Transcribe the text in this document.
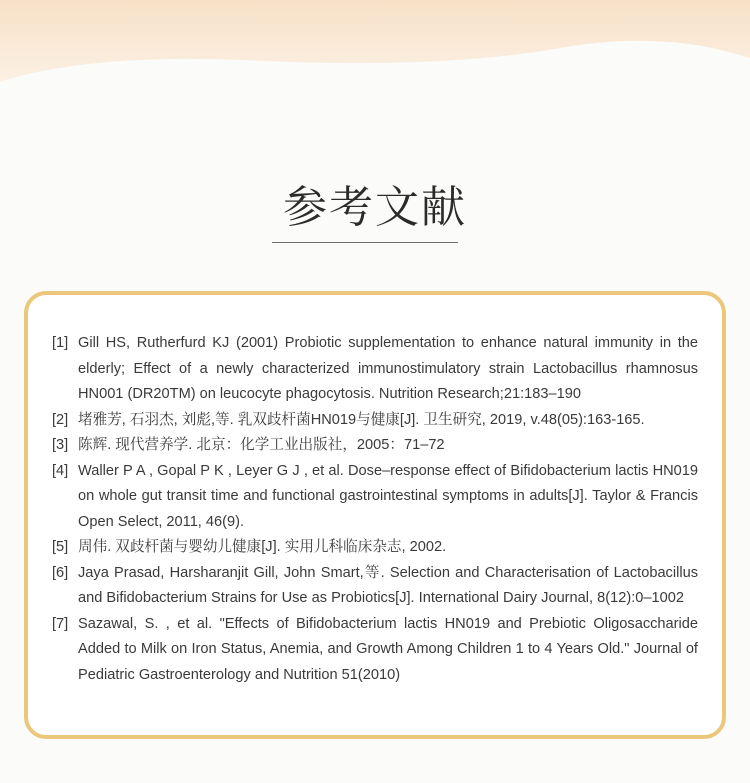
参考文献
[1] Gill HS, Rutherfurd KJ (2001) Probiotic supplementation to enhance natural immunity in the elderly; Effect of a newly characterized immunostimulatory strain Lactobacillus rhamnosus HN001 (DR20TM) on leucocyte phagocytosis. Nutrition Research;21:183–190
[2] 堵雅芳, 石羽杰, 刘彪,等. 乳双歧杆菌HN019与健康[J]. 卫生研究, 2019, v.48(05):163-165.
[3] 陈辉. 现代营养学. 北京：化学工业出版社，2005：71–72
[4] Waller P A , Gopal P K , Leyer G J , et al. Dose–response effect of Bifidobacterium lactis HN019 on whole gut transit time and functional gastrointestinal symptoms in adults[J]. Taylor & Francis Open Select, 2011, 46(9).
[5] 周伟. 双歧杆菌与婴幼儿健康[J]. 实用儿科临床杂志, 2002.
[6] Jaya Prasad, Harsharanjit Gill, John Smart,等. Selection and Characterisation of Lactobacillus and Bifidobacterium Strains for Use as Probiotics[J]. International Dairy Journal, 8(12):0–1002
[7] Sazawal, S. , et al. "Effects of Bifidobacterium lactis HN019 and Prebiotic Oligosaccharide Added to Milk on Iron Status, Anemia, and Growth Among Children 1 to 4 Years Old." Journal of Pediatric Gastroenterology and Nutrition 51(2010)
